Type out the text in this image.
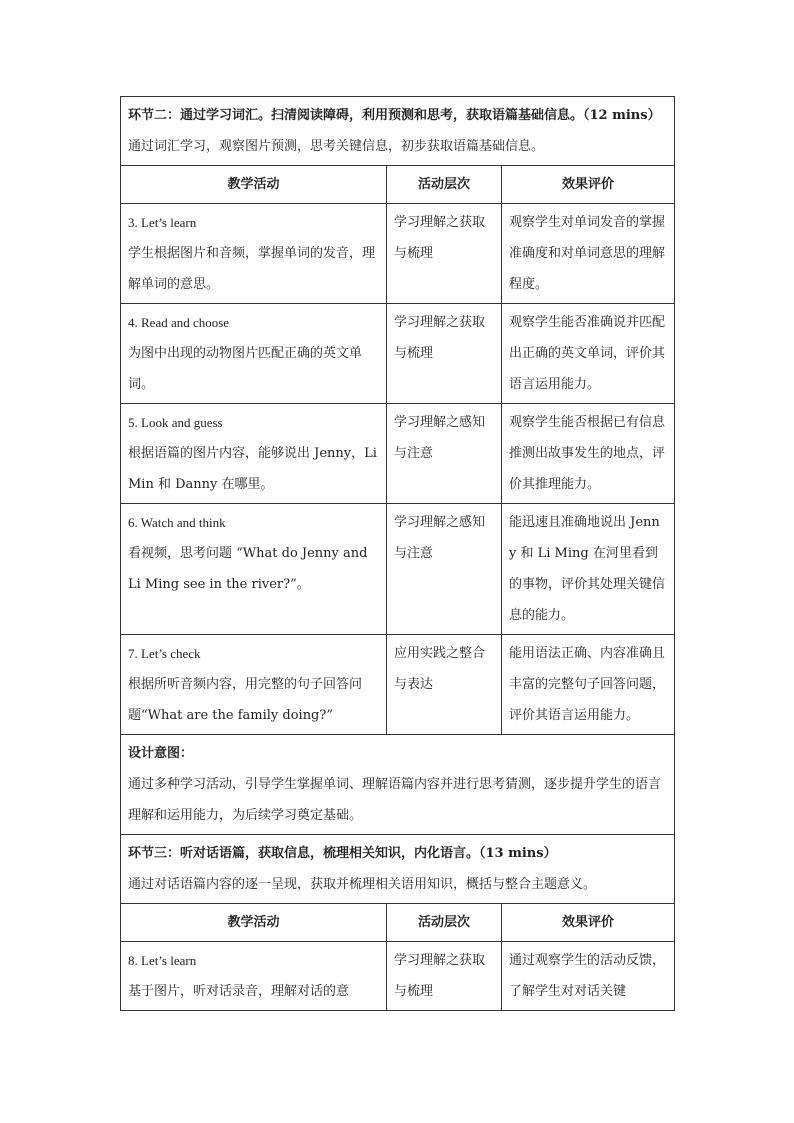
环节二：通过学习词汇。扫清阅读障碍，利用预测和思考，获取语篇基础信息。（12 mins）
通过词汇学习，观察图片预测，思考关键信息，初步获取语篇基础信息。		

教学活动	活动层次	效果评价

3. Let’s learn
学生根据图片和音频，掌握单词的发音，理解单词的意思。	学习理解之获取与梳理	观察学生对单词发音的掌握准确度和对单词意思的理解程度。

4. Read and choose
为图中出现的动物图片匹配正确的英文单词。	学习理解之获取与梳理	观察学生能否准确说并匹配出正确的英文单词，评价其语言运用能力。

5. Look and guess
根据语篇的图片内容，能够说出 Jenny，Li Min 和 Danny 在哪里。	学习理解之感知与注意	观察学生能否根据已有信息推测出故事发生的地点，评价其推理能力。

6. Watch and think
看视频，思考问题 “What do Jenny and Li Ming see in the river?”。	学习理解之感知与注意	能迅速且准确地说出 Jenny 和 Li Ming 在河里看到的事物，评价其处理关键信息的能力。

7. Let’s check
根据所听音频内容，用完整的句子回答问题“What are the family doing?”	应用实践之整合与表达	能用语法正确、内容准确且丰富的完整句子回答问题，评价其语言运用能力。

设计意图：
通过多种学习活动，引导学生掌握单词、理解语篇内容并进行思考猜测，逐步提升学生的语言理解和运用能力，为后续学习奠定基础。		

环节三：听对话语篇，获取信息，梳理相关知识，内化语言。（13 mins）
通过对话语篇内容的逐一呈现，获取并梳理相关语用知识，概括与整合主题意义。		

教学活动	活动层次	效果评价

8. Let’s learn
基于图片，听对话录音，理解对话的意	学习理解之获取与梳理	通过观察学生的活动反馈，了解学生对对话关键
